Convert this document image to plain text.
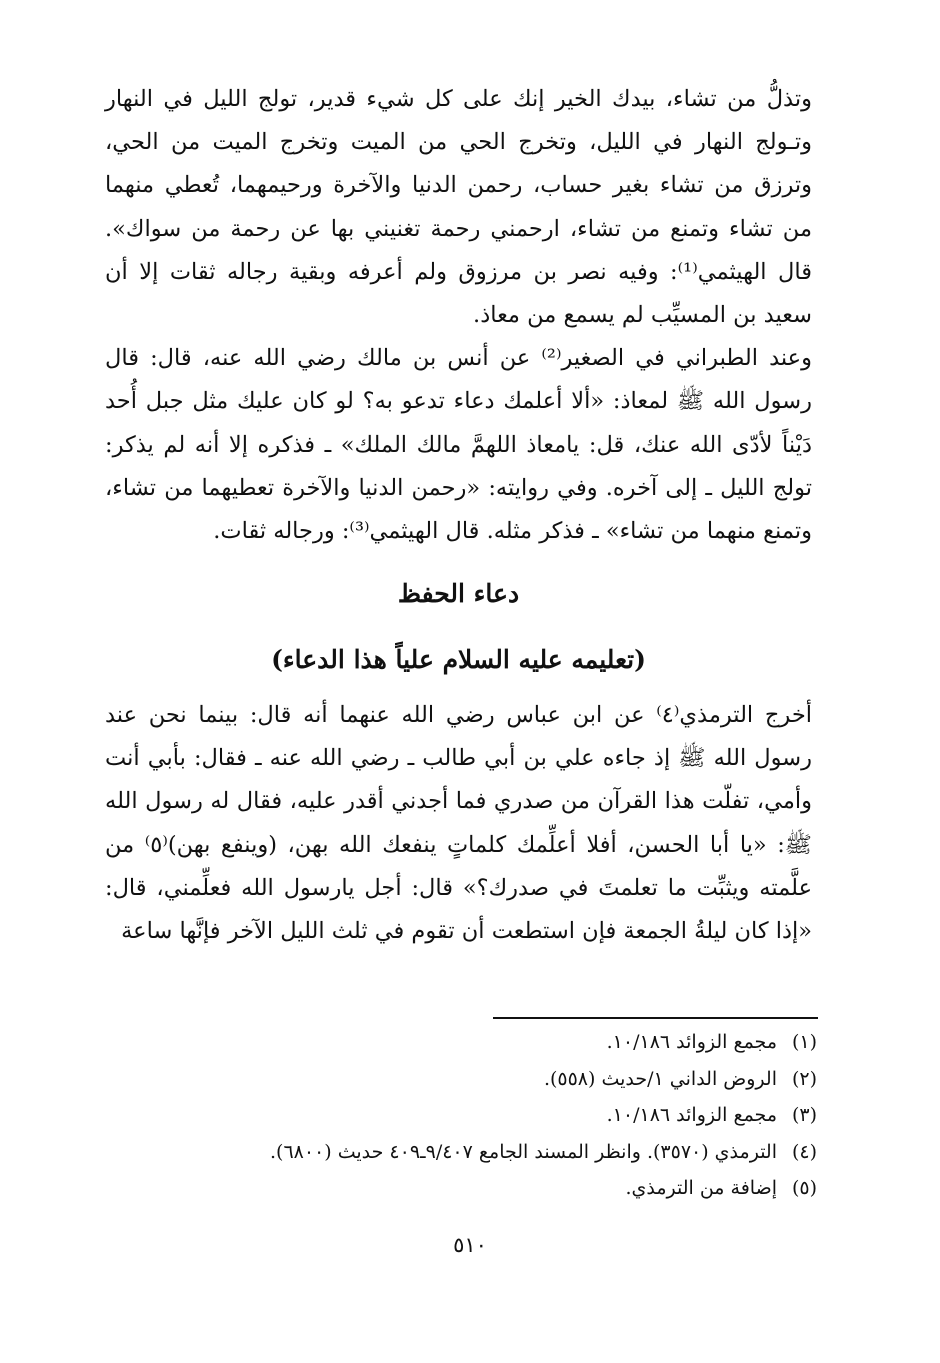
وتذلُّ من تشاء، بيدك الخير إنك على كل شيء قدير، تولج الليل في النهار وتـولج النهار في الليل، وتخرج الحي من الميت وتخرج الميت من الحي، وترزق من تشاء بغير حساب، رحمن الدنيا والآخرة ورحيمهما، تُعطي منهما من تشاء وتمنع من تشاء، ارحمني رحمة تغنيني بها عن رحمة من سواك». قال الهيثمي⁽¹⁾: وفيه نصر بن مرزوق ولم أعرفه وبقية رجاله ثقات إلا أن سعيد بن المسيِّب لم يسمع من معاذ.

وعند الطبراني في الصغير⁽²⁾ عن أنس بن مالك رضي الله عنه، قال: قال رسول الله ﷺ لمعاذ: «ألا أعلمك دعاء تدعو به؟ لو كان عليك مثل جبل أُحد دَيْناً لأدّى الله عنك، قل: يامعاذ اللهمَّ مالك الملك» ـ فذكره إلا أنه لم يذكر: تولج الليل ـ إلى آخره. وفي روايته: «رحمن الدنيا والآخرة تعطيهما من تشاء، وتمنع منهما من تشاء» ـ فذكر مثله. قال الهيثمي⁽³⁾: ورجاله ثقات.

دعاء الحفظ
(تعليمه عليه السلام علياً هذا الدعاء)

أخرج الترمذي⁽٤⁾ عن ابن عباس رضي الله عنهما أنه قال: بينما نحن عند رسول الله ﷺ إذ جاءه علي بن أبي طالب ـ رضي الله عنه ـ فقال: بأبي أنت وأمي، تفلّت هذا القرآن من صدري فما أجدني أقدر عليه، فقال له رسول الله ﷺ: «يا أبا الحسن، أفلا أعلِّمك كلماتٍ ينفعك الله بهن، (وينفع بهن)⁽٥⁾ من علَّمته ويثبِّت ما تعلمتَ في صدرك؟» قال: أجل يارسول الله فعلِّمني، قال: «إذا كان ليلةُ الجمعة فإن استطعت أن تقوم في ثلث الليل الآخر فإنَّها ساعة

(١)
مجمع الزوائد ١٠/١٨٦.
(٢)
الروض الداني ١/حديث (٥٥٨).
(٣)
مجمع الزوائد ١٠/١٨٦.
(٤)
الترمذي (٣٥٧٠). وانظر المسند الجامع ٩/٤٠٧ـ٤٠٩ حديث (٦٨٠٠).
(٥)
إضافة من الترمذي.
٥١٠
